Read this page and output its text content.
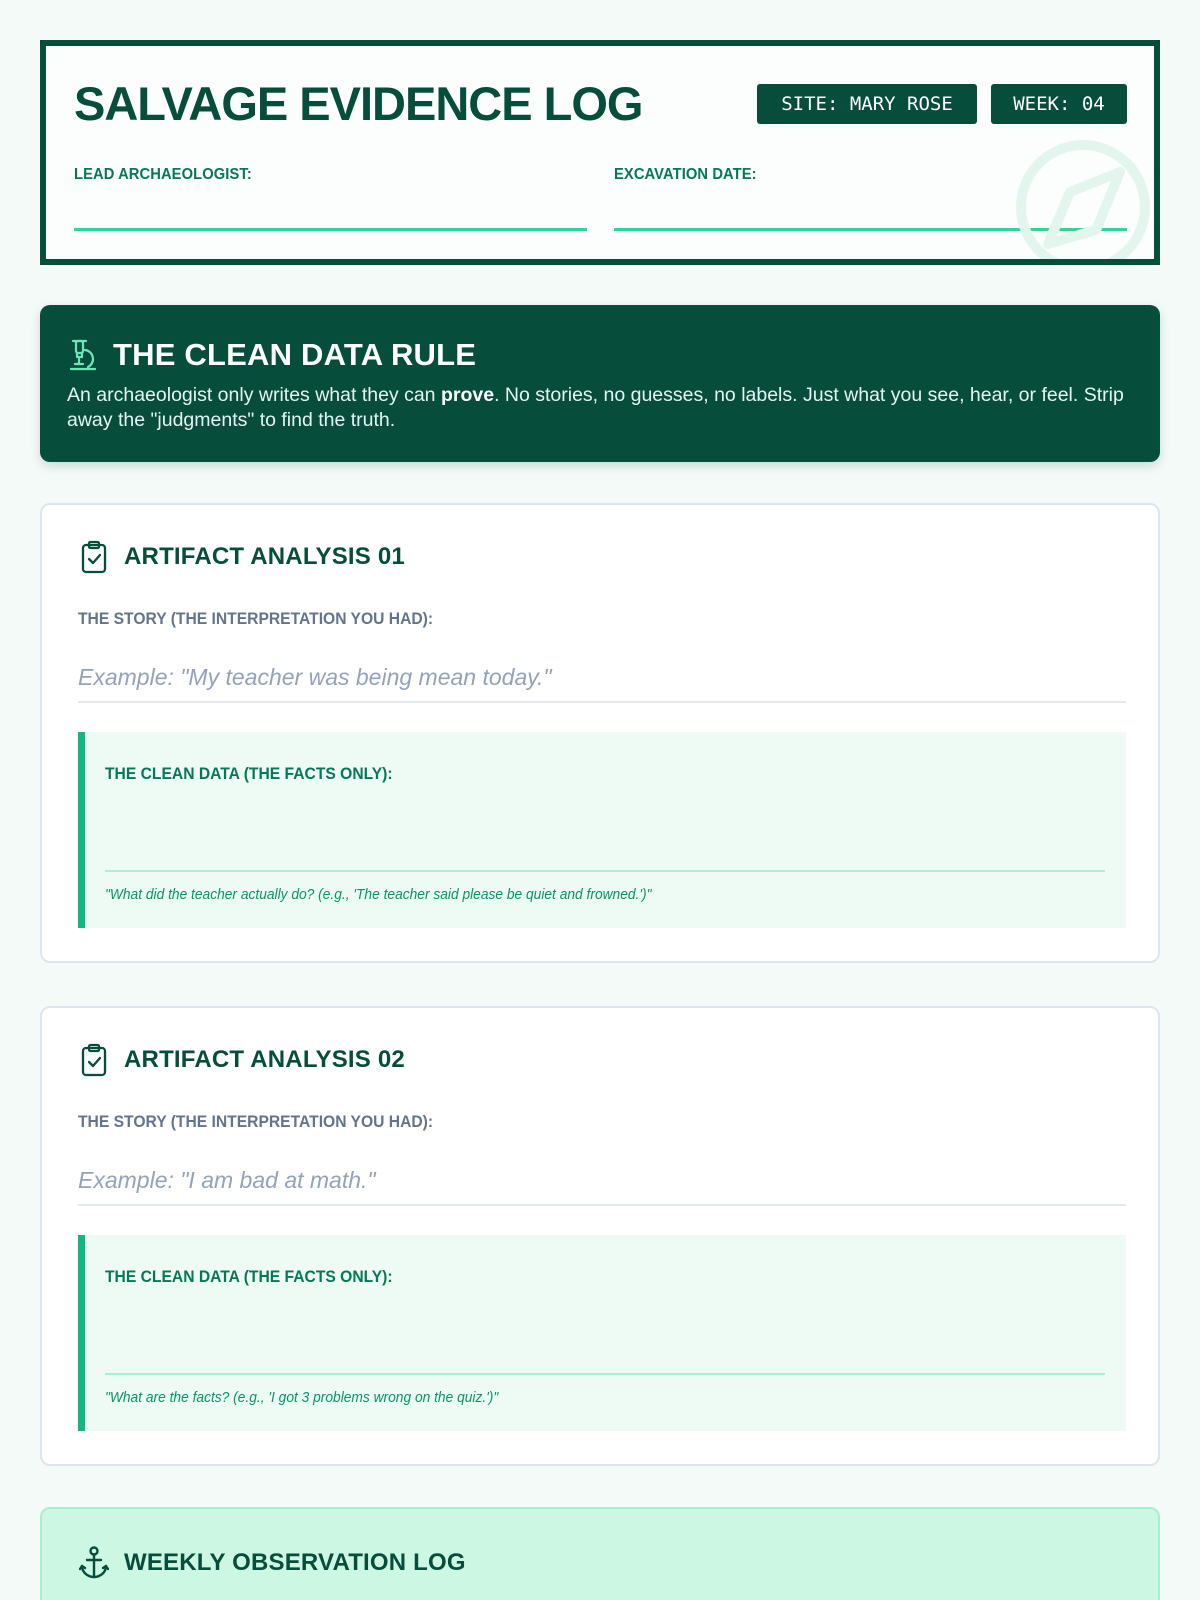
SALVAGE EVIDENCE LOG	SITE: MARY ROSE	WEEK: 04
LEAD ARCHAEOLOGIST:	EXCAVATION DATE:
THE CLEAN DATA RULE
An archaeologist only writes what they can prove. No stories, no guesses, no labels. Just what you see, hear, or feel. Strip away the "judgments" to find the truth.
ARTIFACT ANALYSIS 01
THE STORY (THE INTERPRETATION YOU HAD):
Example: "My teacher was being mean today."
THE CLEAN DATA (THE FACTS ONLY):
"What did the teacher actually do? (e.g., 'The teacher said please be quiet and frowned.')"
ARTIFACT ANALYSIS 02
THE STORY (THE INTERPRETATION YOU HAD):
Example: "I am bad at math."
THE CLEAN DATA (THE FACTS ONLY):
"What are the facts? (e.g., 'I got 3 problems wrong on the quiz.')"
WEEKLY OBSERVATION LOG
